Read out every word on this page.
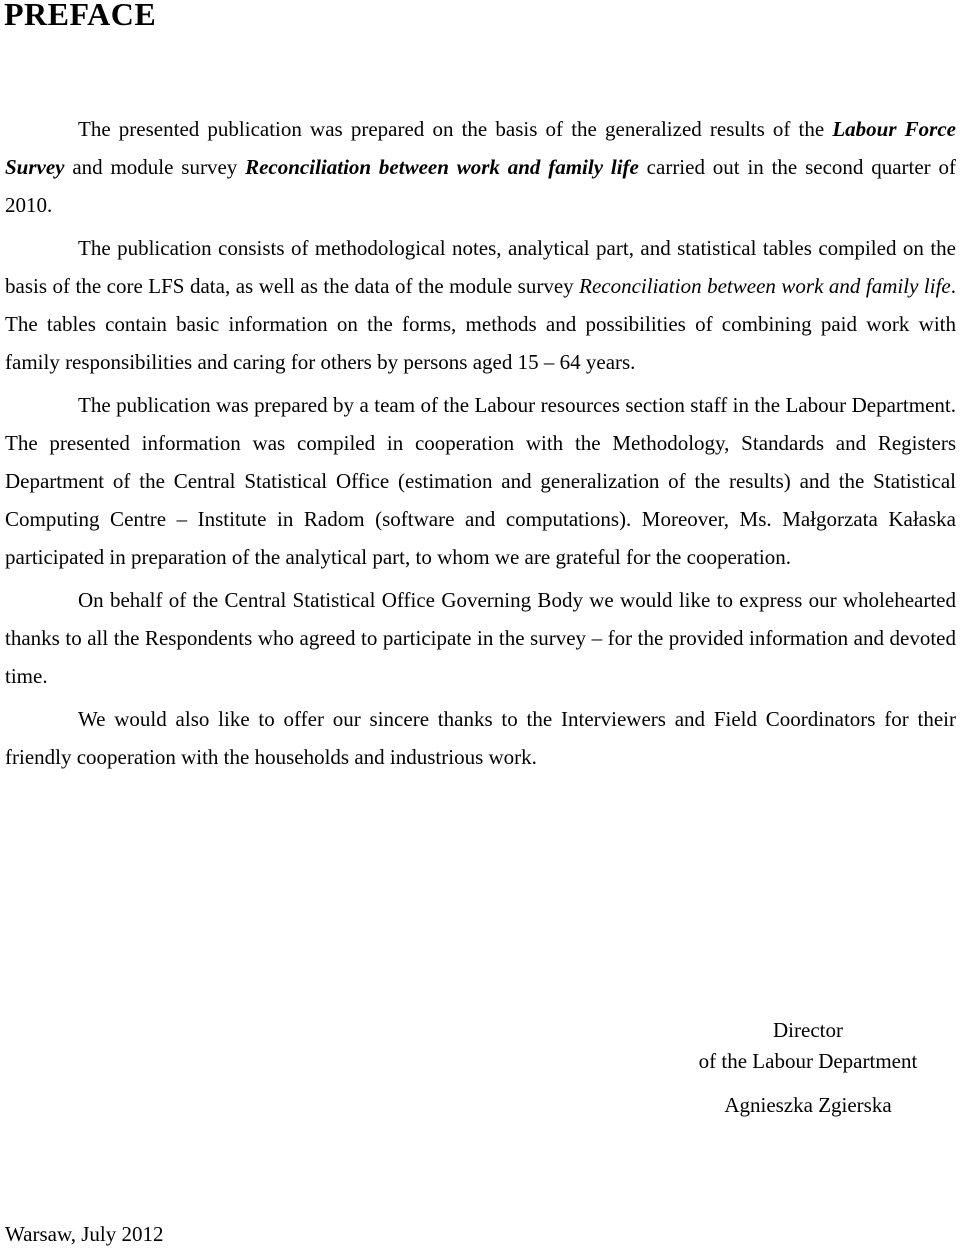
PREFACE

The presented publication was prepared on the basis of the generalized results of the Labour Force Survey and module survey Reconciliation between work and family life carried out in the second quarter of 2010.

The publication consists of methodological notes, analytical part, and statistical tables compiled on the basis of the core LFS data, as well as the data of the module survey Reconciliation between work and family life. The tables contain basic information on the forms, methods and possibilities of combining paid work with family responsibilities and caring for others by persons aged 15 – 64 years.

The publication was prepared by a team of the Labour resources section staff in the Labour Department. The presented information was compiled in cooperation with the Methodology, Standards and Registers Department of the Central Statistical Office (estimation and generalization of the results) and the Statistical Computing Centre – Institute in Radom (software and computations). Moreover, Ms. Małgorzata Kałaska participated in preparation of the analytical part, to whom we are grateful for the cooperation.

On behalf of the Central Statistical Office Governing Body we would like to express our wholehearted thanks to all the Respondents who agreed to participate in the survey – for the provided information and devoted time.

We would also like to offer our sincere thanks to the Interviewers and Field Coordinators for their friendly cooperation with the households and industrious work.

Director
of the Labour Department
Agnieszka Zgierska
Warsaw, July 2012
